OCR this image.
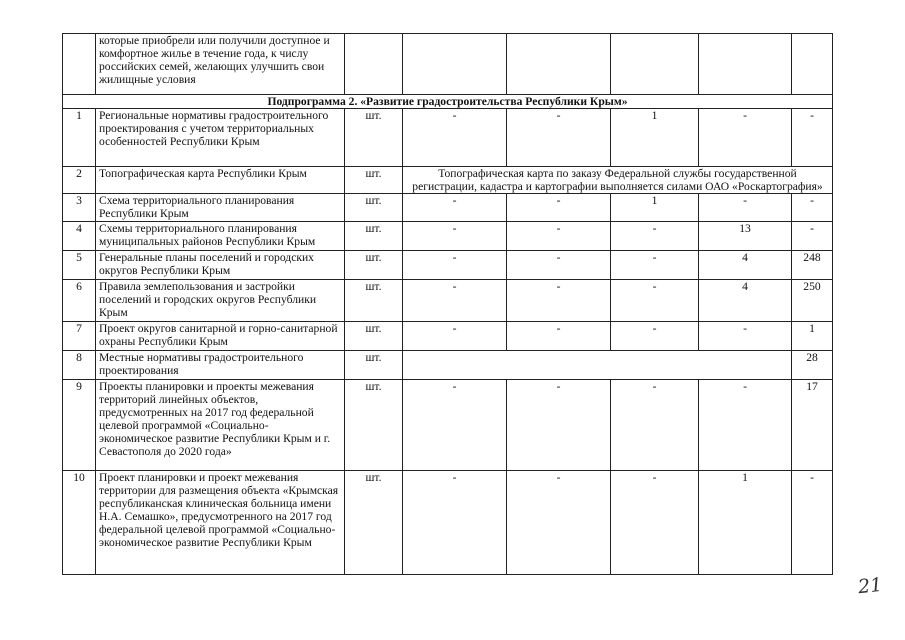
	которые приобрели или получили доступное и комфортное жилье в течение года, к числу российских семей, желающих улучшить свои жилищные условия						
Подпрограмма 2. «Развитие градостроительства Республики Крым»							
1	Региональные нормативы градостроительного проектирования с учетом территориальных особенностей Республики Крым	шт.	-	-	1	-	-
2	Топографическая карта Республики Крым	шт.	Топографическая карта по заказу Федеральной службы государственной регистрации, кадастра и картографии выполняется силами ОАО «Роскартография»				
3	Схема территориального планирования Республики Крым	шт.	-	-	1	-	-
4	Схемы территориального планирования муниципальных районов Республики Крым	шт.	-	-	-	13	-
5	Генеральные планы поселений и городских округов Республики Крым	шт.	-	-	-	4	248
6	Правила землепользования и застройки поселений и городских округов Республики Крым	шт.	-	-	-	4	250
7	Проект округов санитарной и горно-санитарной охраны Республики Крым	шт.	-	-	-	-	1
8	Местные нормативы градостроительного проектирования	шт.					28
9	Проекты планировки и проекты межевания территорий линейных объектов, предусмотренных на 2017 год федеральной целевой программой «Социально-экономическое развитие Республики Крым и г. Севастополя до 2020 года»	шт.	-	-	-	-	17
10	Проект планировки и проект межевания территории для размещения объекта «Крымская республиканская клиническая больница имени Н.А. Семашко», предусмотренного на 2017 год федеральной целевой программой «Социально-экономическое развитие Республики Крым	шт.	-	-	-	1	-
21
